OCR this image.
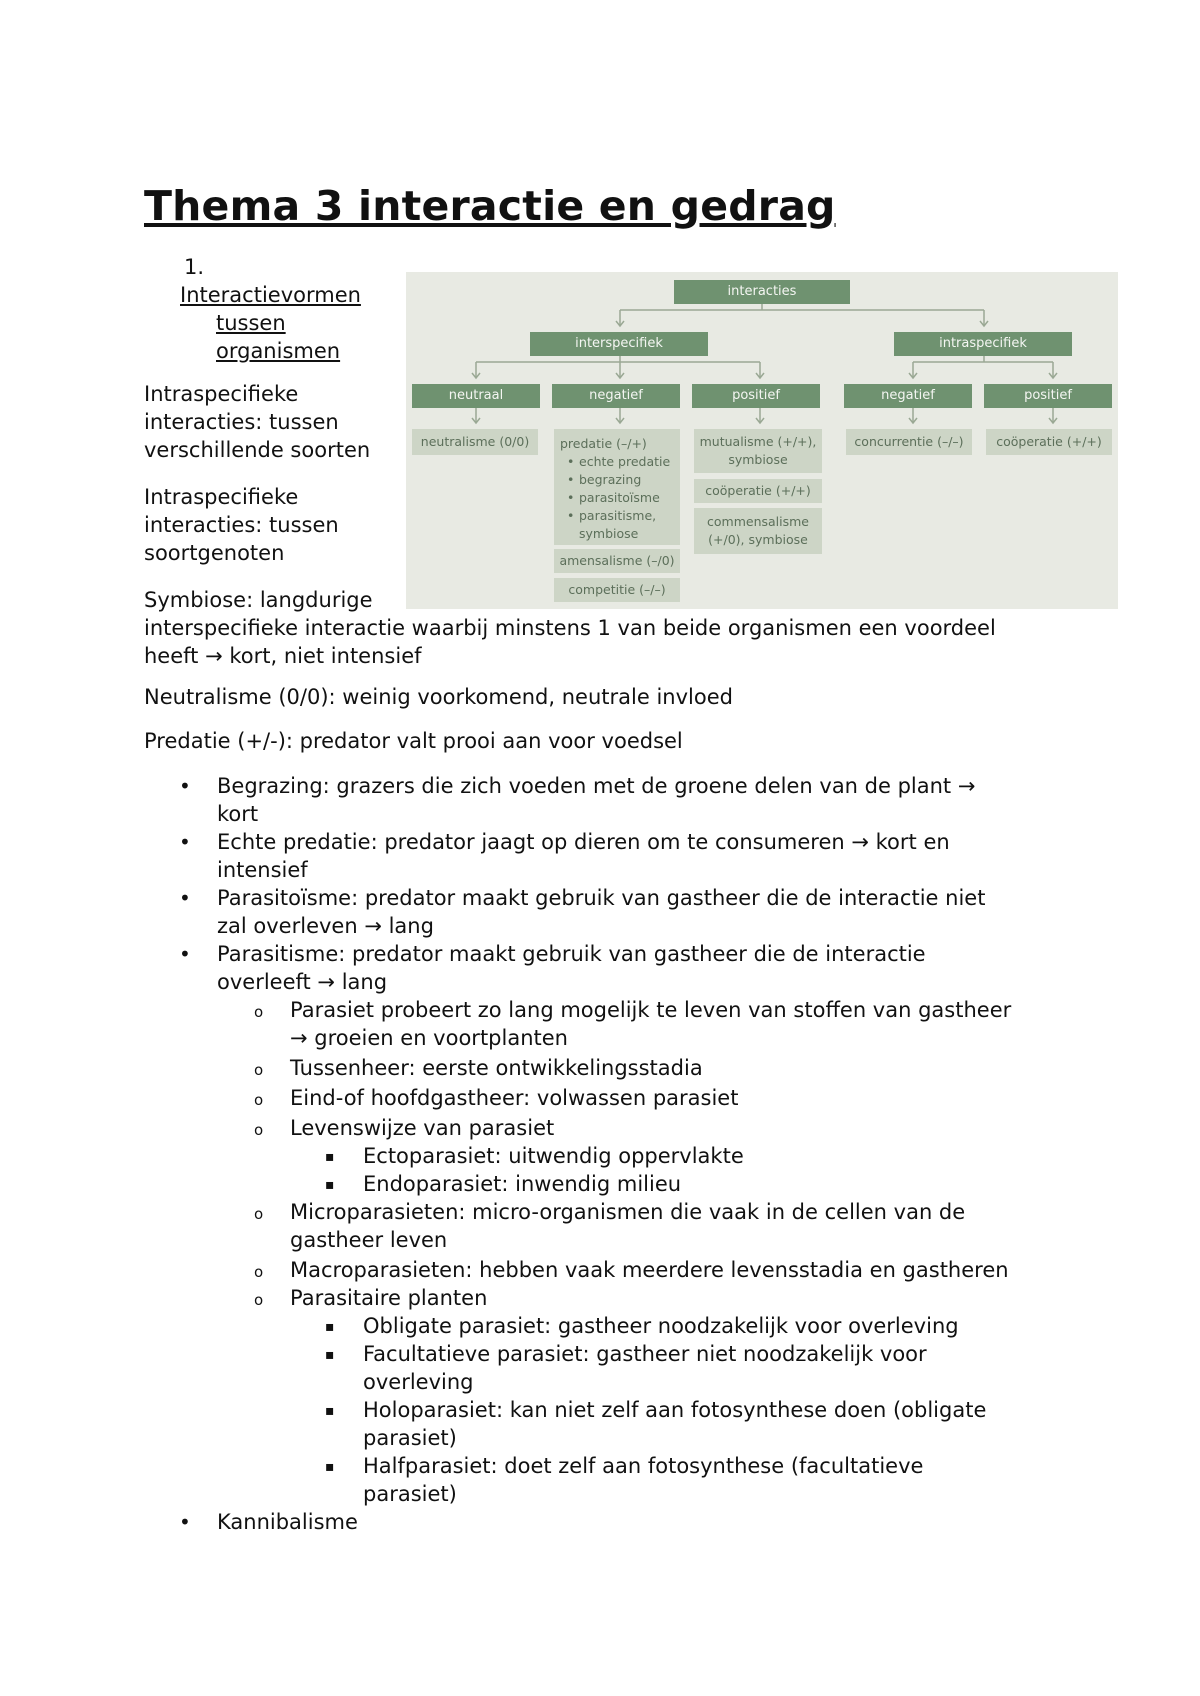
Thema 3 interactie en gedrag
1.
Interactievormen
tussen
organismen

Intraspecifieke
interacties: tussen
verschillende soorten

Intraspecifieke
interacties: tussen
soortgenoten

interacties
interspecifiek	intraspecifiek
neutraal	negatief	positief	negatief	positief
neutralisme (0/0)	predatie (–/+)
• echte predatie
• begrazing
• parasitoïsme
• parasitisme,
symbiose
amensalisme (–/0)
competitie (–/–)
mutualisme (+/+),
symbiose
coöperatie (+/+)
commensalisme
(+/0), symbiose
concurrentie (–/–)	coöperatie (+/+)

Symbiose: langdurige
interspecifieke interactie waarbij minstens 1 van beide organismen een voordeel
heeft → kort, niet intensief

Neutralisme (0/0): weinig voorkomend, neutrale invloed

Predatie (+/-): predator valt prooi aan voor voedsel

• Begrazing: grazers die zich voeden met de groene delen van de plant →
kort
• Echte predatie: predator jaagt op dieren om te consumeren → kort en
intensief
• Parasitoïsme: predator maakt gebruik van gastheer die de interactie niet
zal overleven → lang
• Parasitisme: predator maakt gebruik van gastheer die de interactie
overleeft → lang
o Parasiet probeert zo lang mogelijk te leven van stoffen van gastheer
→ groeien en voortplanten
o Tussenheer: eerste ontwikkelingsstadia
o Eind-of hoofdgastheer: volwassen parasiet
o Levenswijze van parasiet
▪ Ectoparasiet: uitwendig oppervlakte
▪ Endoparasiet: inwendig milieu
o Microparasieten: micro-organismen die vaak in de cellen van de
gastheer leven
o Macroparasieten: hebben vaak meerdere levensstadia en gastheren
o Parasitaire planten
▪ Obligate parasiet: gastheer noodzakelijk voor overleving
▪ Facultatieve parasiet: gastheer niet noodzakelijk voor
overleving
▪ Holoparasiet: kan niet zelf aan fotosynthese doen (obligate
parasiet)
▪ Halfparasiet: doet zelf aan fotosynthese (facultatieve
parasiet)
• Kannibalisme
